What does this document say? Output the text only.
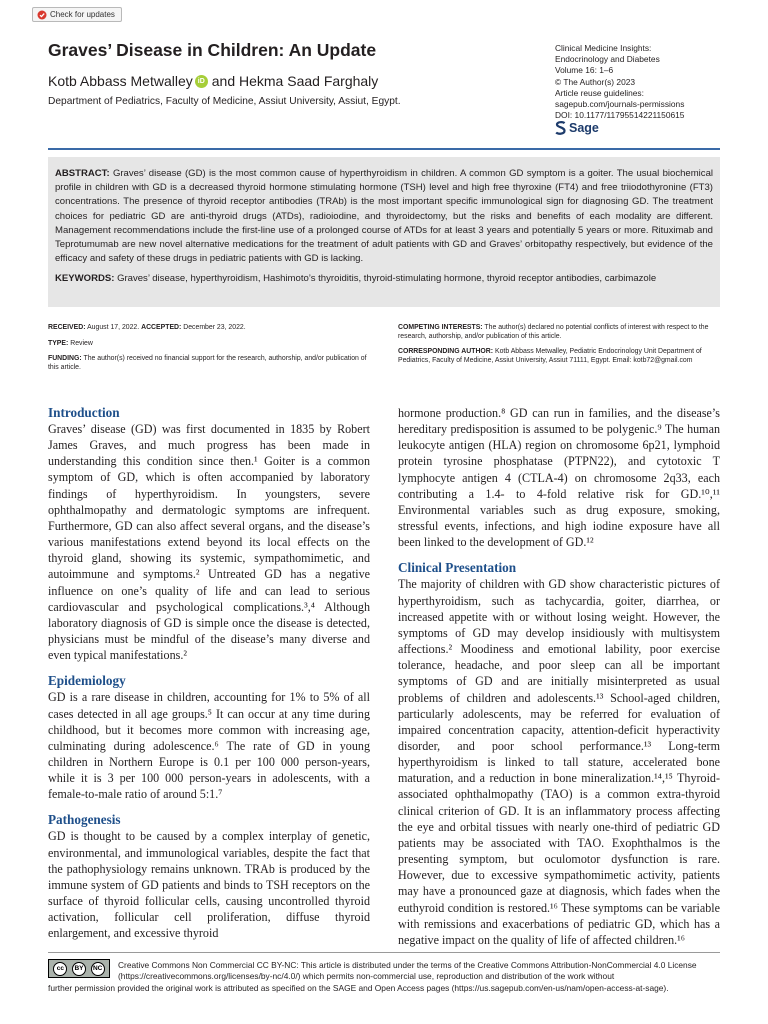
Check for updates
Graves’ Disease in Children: An Update
Kotb Abbass Metwalley iD and Hekma Saad Farghaly
Department of Pediatrics, Faculty of Medicine, Assiut University, Assiut, Egypt.
Clinical Medicine Insights:
Endocrinology and Diabetes
Volume 16: 1–6
© The Author(s) 2023
Article reuse guidelines:
sagepub.com/journals-permissions
DOI: 10.1177/11795514221150615
Sage

ABSTRACT: Graves’ disease (GD) is the most common cause of hyperthyroidism in children. A common GD symptom is a goiter. The usual biochemical profile in children with GD is a decreased thyroid hormone stimulating hormone (TSH) level and high free thyroxine (FT4) and free triiodothyronine (FT3) concentrations. The presence of thyroid receptor antibodies (TRAb) is the most important specific immunological sign for diagnosing GD. The treatment choices for pediatric GD are anti-thyroid drugs (ATDs), radioiodine, and thyroidectomy, but the risks and benefits of each modality are different. Management recommendations include the first-line use of a prolonged course of ATDs for at least 3 years and potentially 5 years or more. Rituximab and Teprotumumab are new novel alternative medications for the treatment of adult patients with GD and Graves’ orbitopathy respectively, but evidence of the efficacy and safety of these drugs in pediatric patients with GD is lacking.

KEYWORDS: Graves’ disease, hyperthyroidism, Hashimoto’s thyroiditis, thyroid-stimulating hormone, thyroid receptor antibodies, carbimazole

RECEIVED: August 17, 2022. ACCEPTED: December 23, 2022.

TYPE: Review

FUNDING: The author(s) received no financial support for the research, authorship, and/or publication of this article.

COMPETING INTERESTS: The author(s) declared no potential conflicts of interest with respect to the research, authorship, and/or publication of this article.

CORRESPONDING AUTHOR: Kotb Abbass Metwalley, Pediatric Endocrinology Unit Department of Pediatrics, Faculty of Medicine, Assiut University, Assiut 71111, Egypt. Email: kotb72@gmail.com

Introduction

Graves’ disease (GD) was first documented in 1835 by Robert James Graves, and much progress has been made in understanding this condition since then.¹ Goiter is a common symptom of GD, which is often accompanied by laboratory findings of hyperthyroidism. In youngsters, severe ophthalmopathy and dermatologic symptoms are infrequent. Furthermore, GD can also affect several organs, and the disease’s various manifestations extend beyond its local effects on the thyroid gland, showing its systemic, sympathomimetic, and autoimmune and symptoms.² Untreated GD has a negative influence on one’s quality of life and can lead to serious cardiovascular and psychological complications.³,⁴ Although laboratory diagnosis of GD is simple once the disease is detected, physicians must be mindful of the disease’s many diverse and even typical manifestations.²

Epidemiology

GD is a rare disease in children, accounting for 1% to 5% of all cases detected in all age groups.⁵ It can occur at any time during childhood, but it becomes more common with increasing age, culminating during adolescence.⁶ The rate of GD in young children in Northern Europe is 0.1 per 100 000 person-years, while it is 3 per 100 000 person-years in adolescents, with a female-to-male ratio of around 5:1.⁷

Pathogenesis

GD is thought to be caused by a complex interplay of genetic, environmental, and immunological variables, despite the fact that the pathophysiology remains unknown. TRAb is produced by the immune system of GD patients and binds to TSH receptors on the surface of thyroid follicular cells, causing uncontrolled thyroid activation, follicular cell proliferation, diffuse thyroid enlargement, and excessive thyroid

hormone production.⁸ GD can run in families, and the disease’s hereditary predisposition is assumed to be polygenic.⁹ The human leukocyte antigen (HLA) region on chromosome 6p21, lymphoid protein tyrosine phosphatase (PTPN22), and cytotoxic T lymphocyte antigen 4 (CTLA-4) on chromosome 2q33, each contributing a 1.4- to 4-fold relative risk for GD.¹⁰,¹¹ Environmental variables such as drug exposure, smoking, stressful events, infections, and high iodine exposure have all been linked to the development of GD.¹²

Clinical Presentation

The majority of children with GD show characteristic pictures of hyperthyroidism, such as tachycardia, goiter, diarrhea, or increased appetite with or without losing weight. However, the symptoms of GD may develop insidiously with multisystem affections.² Moodiness and emotional lability, poor exercise tolerance, headache, and poor sleep can all be important symptoms of GD and are initially misinterpreted as usual problems of children and adolescents.¹³ School-aged children, particularly adolescents, may be referred for evaluation of impaired concentration capacity, attention-deficit hyperactivity disorder, and poor school performance.¹³ Long-term hyperthyroidism is linked to tall stature, accelerated bone maturation, and a reduction in bone mineralization.¹⁴,¹⁵ Thyroid-associated ophthalmopathy (TAO) is a common extra-thyroid clinical criterion of GD. It is an inflammatory process affecting the eye and orbital tissues with nearly one-third of pediatric GD patients may be associated with TAO. Exophthalmos is the presenting symptom, but oculomotor dysfunction is rare. However, due to excessive sympathomimetic activity, patients may have a pronounced gaze at diagnosis, which fades when the euthyroid condition is restored.¹⁶ These symptoms can be variable with remissions and exacerbations of pediatric GD, which has a negative impact on the quality of life of affected children.¹⁶

cc	BY	NC Creative Commons Non Commercial CC BY-NC: This article is distributed under the terms of the Creative Commons Attribution-NonCommercial 4.0 License (https://creativecommons.org/licenses/by-nc/4.0/) which permits non-commercial use, reproduction and distribution of the work without
further permission provided the original work is attributed as specified on the SAGE and Open Access pages (https://us.sagepub.com/en-us/nam/open-access-at-sage).
